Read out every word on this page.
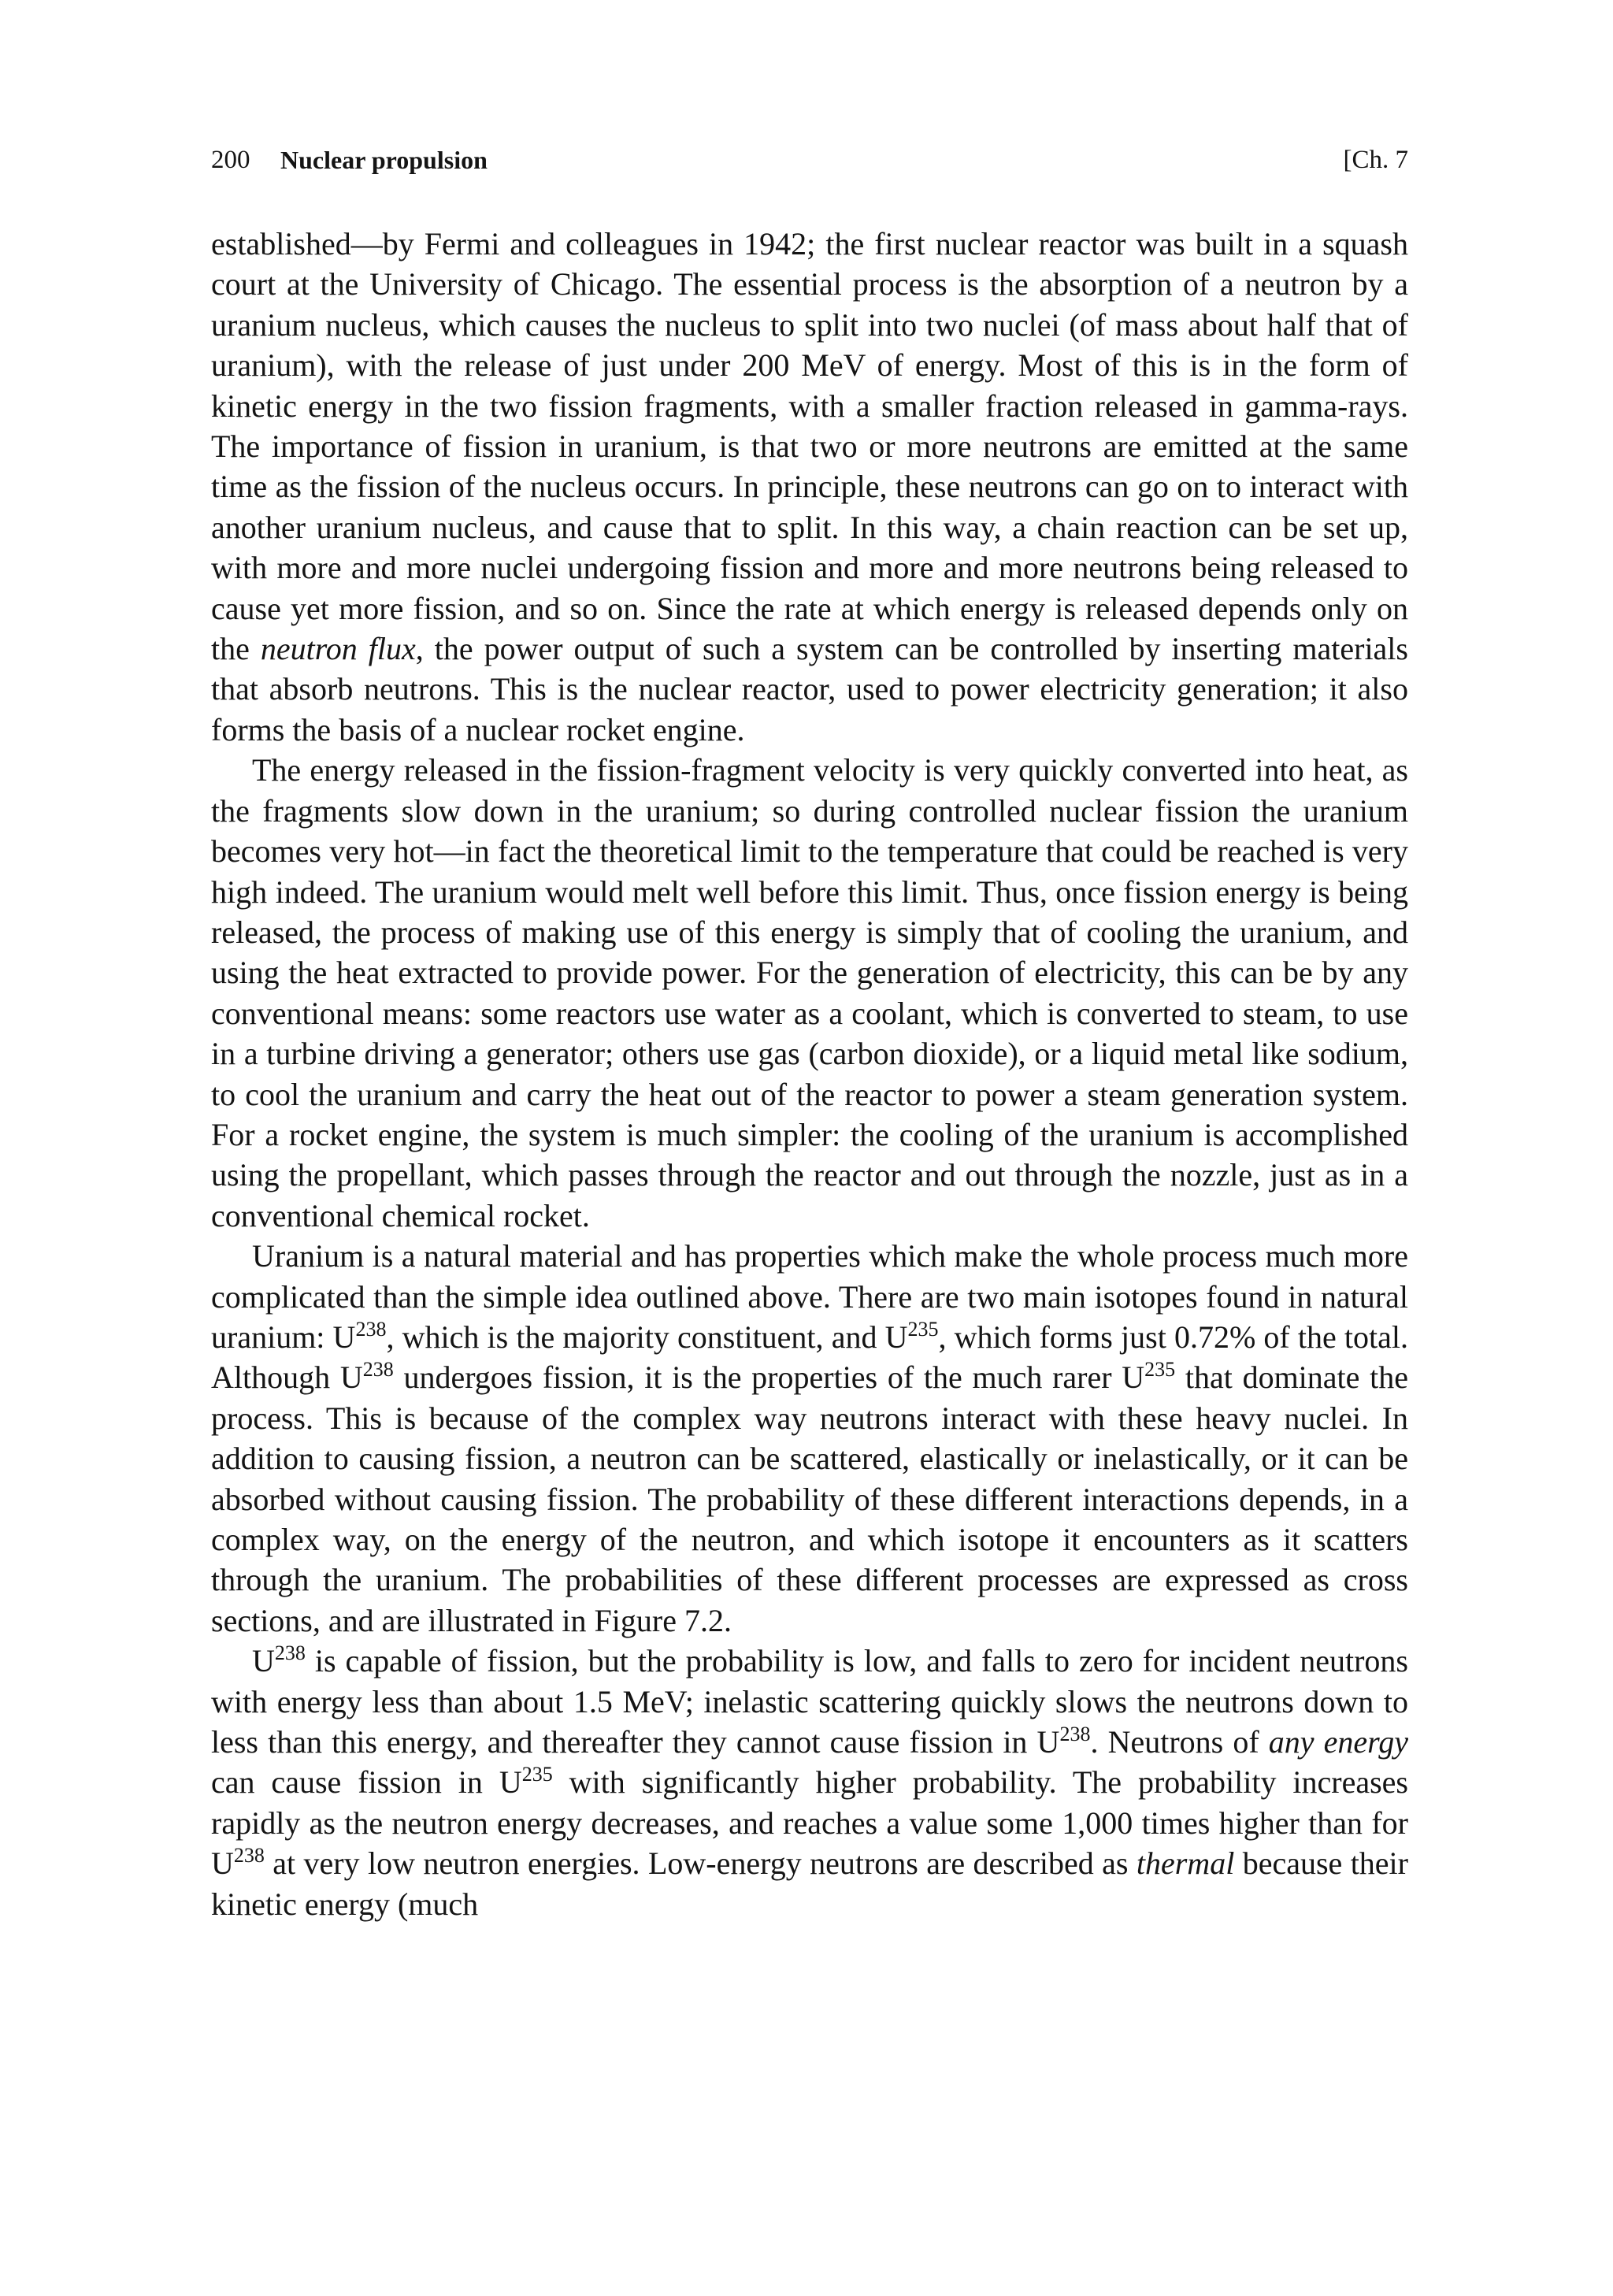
200 Nuclear propulsion	[Ch. 7

established—by Fermi and colleagues in 1942; the first nuclear reactor was built in a squash court at the University of Chicago. The essential process is the absorption of a neutron by a uranium nucleus, which causes the nucleus to split into two nuclei (of mass about half that of uranium), with the release of just under 200 MeV of energy. Most of this is in the form of kinetic energy in the two fission fragments, with a smaller fraction released in gamma-rays. The importance of fission in uranium, is that two or more neutrons are emitted at the same time as the fission of the nucleus occurs. In principle, these neutrons can go on to interact with another uranium nucleus, and cause that to split. In this way, a chain reaction can be set up, with more and more nuclei undergoing fission and more and more neutrons being released to cause yet more fission, and so on. Since the rate at which energy is released depends only on the neutron flux, the power output of such a system can be controlled by inserting materials that absorb neutrons. This is the nuclear reactor, used to power electricity generation; it also forms the basis of a nuclear rocket engine.

The energy released in the fission-fragment velocity is very quickly converted into heat, as the fragments slow down in the uranium; so during controlled nuclear fission the uranium becomes very hot—in fact the theoretical limit to the temperature that could be reached is very high indeed. The uranium would melt well before this limit. Thus, once fission energy is being released, the process of making use of this energy is simply that of cooling the uranium, and using the heat extracted to provide power. For the generation of electricity, this can be by any conventional means: some reactors use water as a coolant, which is converted to steam, to use in a turbine driving a generator; others use gas (carbon dioxide), or a liquid metal like sodium, to cool the uranium and carry the heat out of the reactor to power a steam generation system. For a rocket engine, the system is much simpler: the cooling of the uranium is accomplished using the propellant, which passes through the reactor and out through the nozzle, just as in a conventional chemical rocket.

Uranium is a natural material and has properties which make the whole process much more complicated than the simple idea outlined above. There are two main isotopes found in natural uranium: $U^{238}$, which is the majority constituent, and $U^{235}$, which forms just 0.72% of the total. Although $U^{238}$ undergoes fission, it is the properties of the much rarer $U^{235}$ that dominate the process. This is because of the complex way neutrons interact with these heavy nuclei. In addition to causing fission, a neutron can be scattered, elastically or inelastically, or it can be absorbed without causing fission. The probability of these different interactions depends, in a complex way, on the energy of the neutron, and which isotope it encounters as it scatters through the uranium. The probabilities of these different processes are expressed as cross sections, and are illustrated in Figure 7.2.

$U^{238}$ is capable of fission, but the probability is low, and falls to zero for incident neutrons with energy less than about 1.5 MeV; inelastic scattering quickly slows the neutrons down to less than this energy, and thereafter they cannot cause fission in $U^{238}$. Neutrons of any energy can cause fission in $U^{235}$ with significantly higher probability. The probability increases rapidly as the neutron energy decreases, and reaches a value some 1,000 times higher than for $U^{238}$ at very low neutron energies. Low-energy neutrons are described as thermal because their kinetic energy (much
